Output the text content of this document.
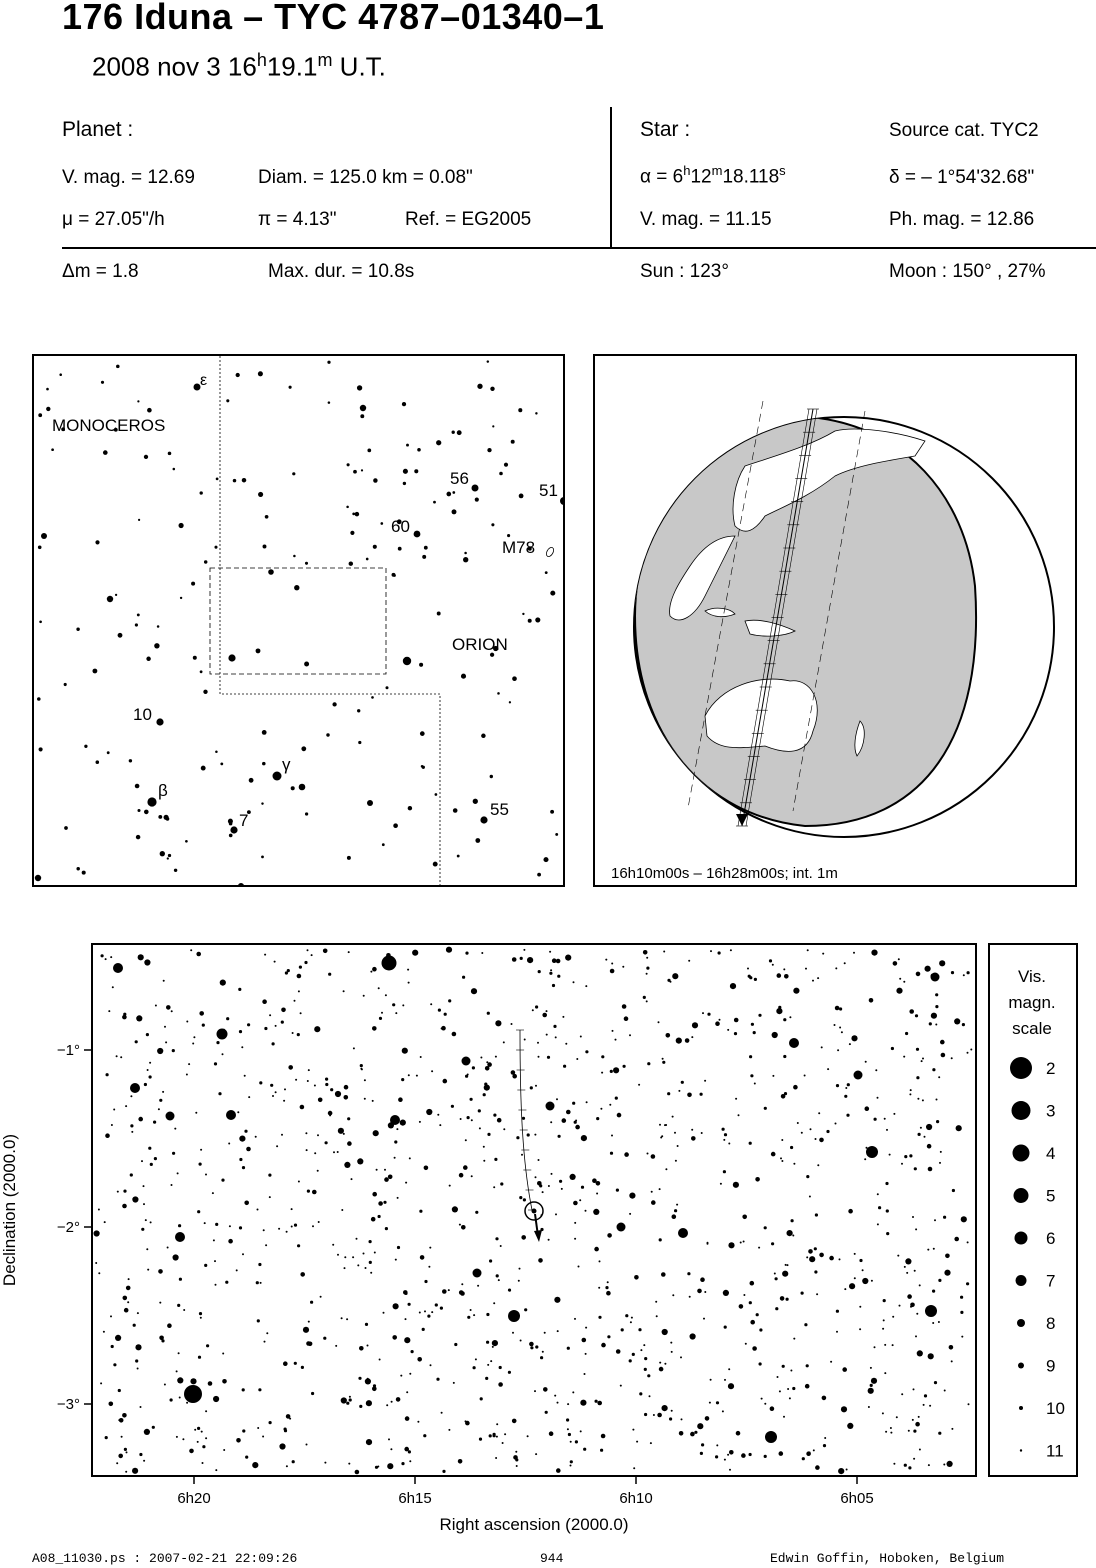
176 Iduna – TYC 4787–01340–1
2008 nov 3 16$^h$19.1$^m$ U.T.
Planet :
V. mag. = 12.69	Diam. = 125.0 km = 0.08"
μ = 27.05"/h	π = 4.13"	Ref. = EG2005
Star :	Source cat. TYC2
$\alpha = 6^h12^m18.118^s$	δ = – 1°54'32.68"
V. mag. = 11.15	Ph. mag. = 12.86
Δm = 1.8	Max. dur. = 10.8s	Sun : 123°	Moon : 150° , 27%
ε
MONOCEROS
56
51
60
M78
ORION
10
γ
β
7
55
16h10m00s – 16h28m00s; int. 1m
6h20	6h15	6h10	6h05
−1°
−2°
−3°
Right ascension (2000.0)
Declination (2000.0)
Vis.
magn.
scale
2
3
4
5
6
7
8
9
10
11
A08_11030.ps : 2007-02-21 22:09:26	944	Edwin Goffin, Hoboken, Belgium
